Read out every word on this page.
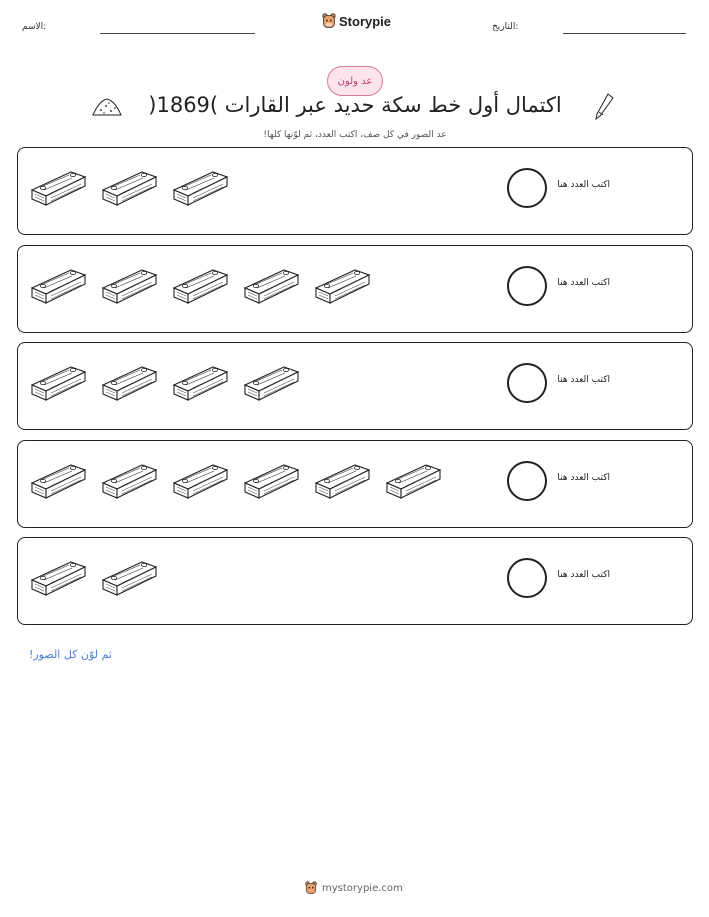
الاسم:	Storypie	التاريخ:
عد ولون
اكتمال أول خط سكة حديد عبر القارات )1869(
عد الصور في كل صف، اكتب العدد، ثم لوّنها كلها!
اكتب العدد هنا
اكتب العدد هنا
اكتب العدد هنا
اكتب العدد هنا
اكتب العدد هنا
ثم لوّن كل الصور!
mystorypie.com
